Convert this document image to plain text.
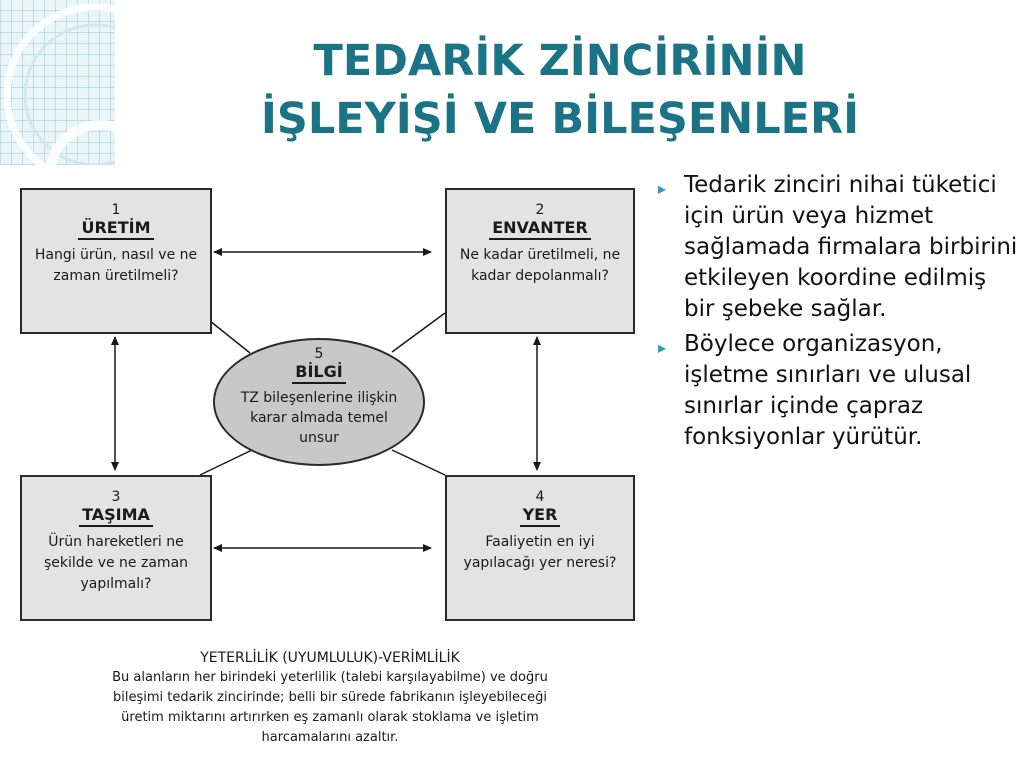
TEDARİK ZİNCİRİNİN
İŞLEYİŞİ VE BİLEŞENLERİ
1
ÜRETİM
Hangi ürün, nasıl ve ne zaman üretilmeli?
2
ENVANTER
Ne kadar üretilmeli, ne kadar depolanmalı?
3
TAŞIMA
Ürün hareketleri ne şekilde ve ne zaman yapılmalı?
4
YER
Faaliyetin en iyi yapılacağı yer neresi?
5
BİLGİ
TZ bileşenlerine ilişkin karar almada temel unsur
YETERLİLİK (UYUMLULUK)-VERİMLİLİK
Bu alanların her birindeki yeterlilik (talebi karşılayabilme) ve doğru bileşimi tedarik zincirinde; belli bir sürede fabrikanın işleyebileceği üretim miktarını artırırken eş zamanlı olarak stoklama ve işletim harcamalarını azaltır.
▸ Tedarik zinciri nihai tüketici için ürün veya hizmet sağlamada firmalara birbirini etkileyen koordine edilmiş bir şebeke sağlar.
▸ Böylece organizasyon, işletme sınırları ve ulusal sınırlar içinde çapraz fonksiyonlar yürütür.
